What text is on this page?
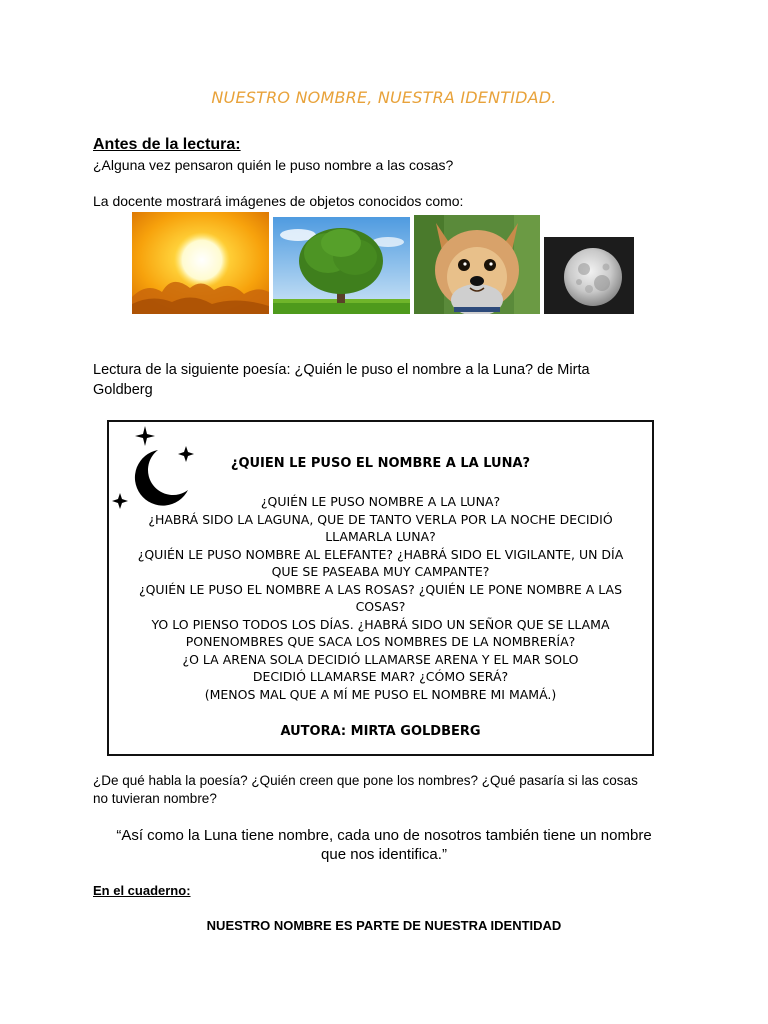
NUESTRO NOMBRE, NUESTRA IDENTIDAD.
Antes de la lectura:
¿Alguna vez pensaron quién le puso nombre a las cosas?
La docente mostrará imágenes de objetos conocidos como:
Lectura de la siguiente poesía: ¿Quién le puso el nombre a la Luna? de Mirta
Goldberg
¿QUIEN LE PUSO EL NOMBRE A LA LUNA?
¿QUIÉN LE PUSO NOMBRE A LA LUNA?
¿HABRÁ SIDO LA LAGUNA, QUE DE TANTO VERLA POR LA NOCHE DECIDIÓ
LLAMARLA LUNA?
¿QUIÉN LE PUSO NOMBRE AL ELEFANTE? ¿HABRÁ SIDO EL VIGILANTE, UN DÍA
QUE SE PASEABA MUY CAMPANTE?
¿QUIÉN LE PUSO EL NOMBRE A LAS ROSAS? ¿QUIÉN LE PONE NOMBRE A LAS
COSAS?
YO LO PIENSO TODOS LOS DÍAS. ¿HABRÁ SIDO UN SEÑOR QUE SE LLAMA
PONENOMBRES QUE SACA LOS NOMBRES DE LA NOMBRERÍA?
¿O LA ARENA SOLA DECIDIÓ LLAMARSE ARENA Y EL MAR SOLO
DECIDIÓ LLAMARSE MAR? ¿CÓMO SERÁ?
(MENOS MAL QUE A MÍ ME PUSO EL NOMBRE MI MAMÁ.)
AUTORA: MIRTA GOLDBERG
¿De qué habla la poesía? ¿Quién creen que pone los nombres? ¿Qué pasaría si las cosas
no tuvieran nombre?
“Así como la Luna tiene nombre, cada uno de nosotros también tiene un nombre
que nos identifica.”
En el cuaderno:
NUESTRO NOMBRE ES PARTE DE NUESTRA IDENTIDAD
